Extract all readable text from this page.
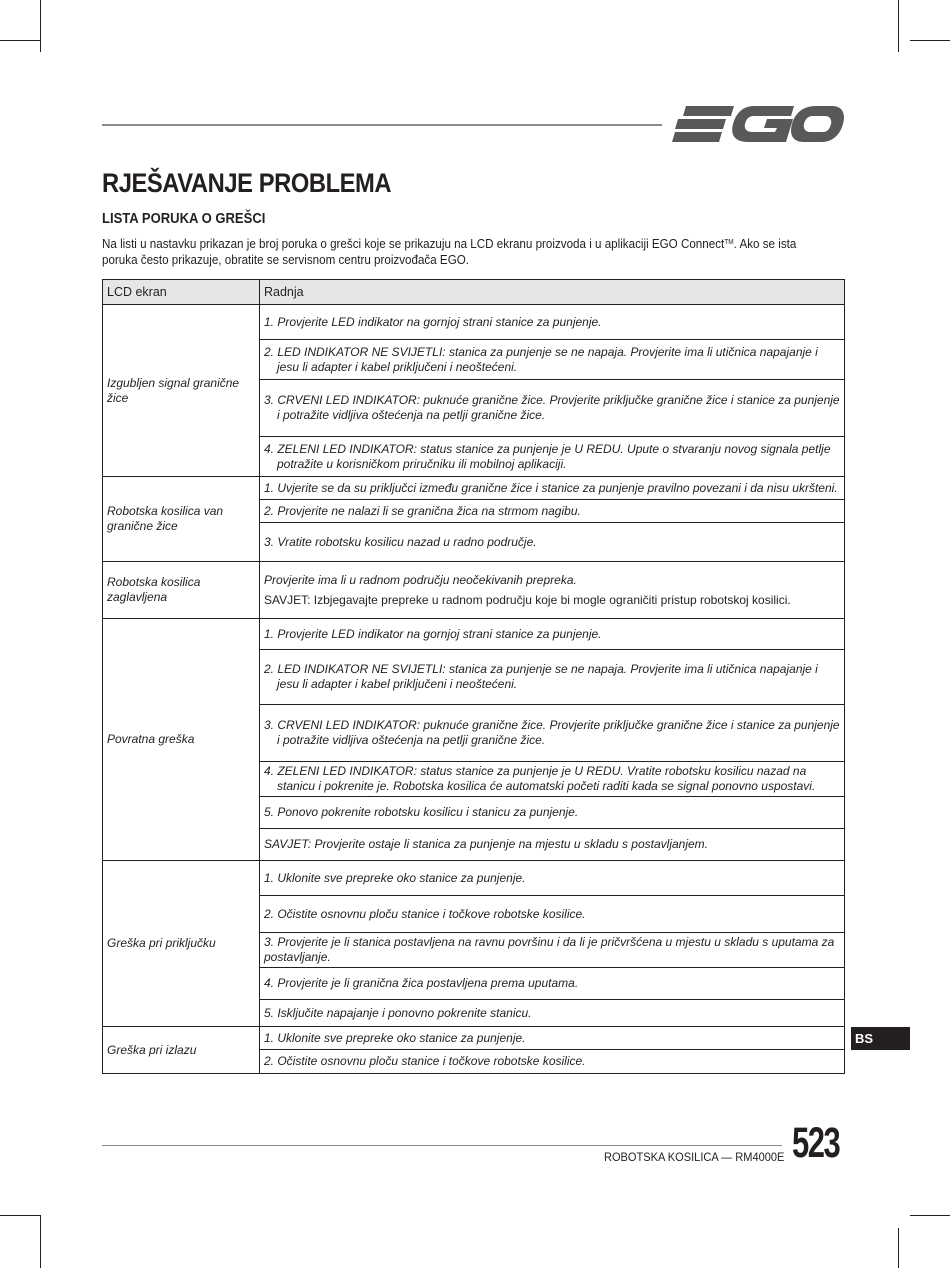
RJEŠAVANJE PROBLEMA
LISTA PORUKA O GREŠCI

Na listi u nastavku prikazan je broj poruka o grešci koje se prikazuju na LCD ekranu proizvoda i u aplikaciji EGO Connect™. Ako se ista poruka često prikazuje, obratite se servisnom centru proizvođača EGO.

LCD ekran	Radnja
Izgubljen signal granične žice	1. Provjerite LED indikator na gornjoj strani stanice za punjenje.

	2. LED INDIKATOR NE SVIJETLI: stanica za punjenje se ne napaja. Provjerite ima li utičnica napajanje i jesu li adapter i kabel priključeni i neoštećeni.

	3. CRVENI LED INDIKATOR: puknuće granične žice. Provjerite priključke granične žice i stanice za punjenje i potražite vidljiva oštećenja na petlji granične žice.

	4. ZELENI LED INDIKATOR: status stanice za punjenje je U REDU. Upute o stvaranju novog signala petlje potražite u korisničkom priručniku ili mobilnoj aplikaciji.

Robotska kosilica van granične žice	1. Uvjerite se da su priključci između granične žice i stanice za punjenje pravilno povezani i da nisu ukršteni.

	2. Provjerite ne nalazi li se granična žica na strmom nagibu.

	3. Vratite robotsku kosilicu nazad u radno područje.

Robotska kosilica zaglavljena	Provjerite ima li u radnom području neočekivanih prepreka.
SAVJET: Izbjegavajte prepreke u radnom području koje bi mogle ograničiti pristup robotskoj kosilici.

Povratna greška	1. Provjerite LED indikator na gornjoj strani stanice za punjenje.

	2. LED INDIKATOR NE SVIJETLI: stanica za punjenje se ne napaja. Provjerite ima li utičnica napajanje i jesu li adapter i kabel priključeni i neoštećeni.

	3. CRVENI LED INDIKATOR: puknuće granične žice. Provjerite priključke granične žice i stanice za punjenje i potražite vidljiva oštećenja na petlji granične žice.

	4. ZELENI LED INDIKATOR: status stanice za punjenje je U REDU. Vratite robotsku kosilicu nazad na stanicu i pokrenite je. Robotska kosilica će automatski početi raditi kada se signal ponovno uspostavi.

	5. Ponovo pokrenite robotsku kosilicu i stanicu za punjenje.

	SAVJET: Provjerite ostaje li stanica za punjenje na mjestu u skladu s postavljanjem.

Greška pri priključku	1. Uklonite sve prepreke oko stanice za punjenje.

	2. Očistite osnovnu ploču stanice i točkove robotske kosilice.

	3. Provjerite je li stanica postavljena na ravnu površinu i da li je pričvršćena u mjestu u skladu s uputama za postavljanje.

	4. Provjerite je li granična žica postavljena prema uputama.

	5. Isključite napajanje i ponovno pokrenite stanicu.

Greška pri izlazu	1. Uklonite sve prepreke oko stanice za punjenje.

	2. Očistite osnovnu ploču stanice i točkove robotske kosilice.
BS
ROBOTSKA KOSILICA — RM4000E 523
